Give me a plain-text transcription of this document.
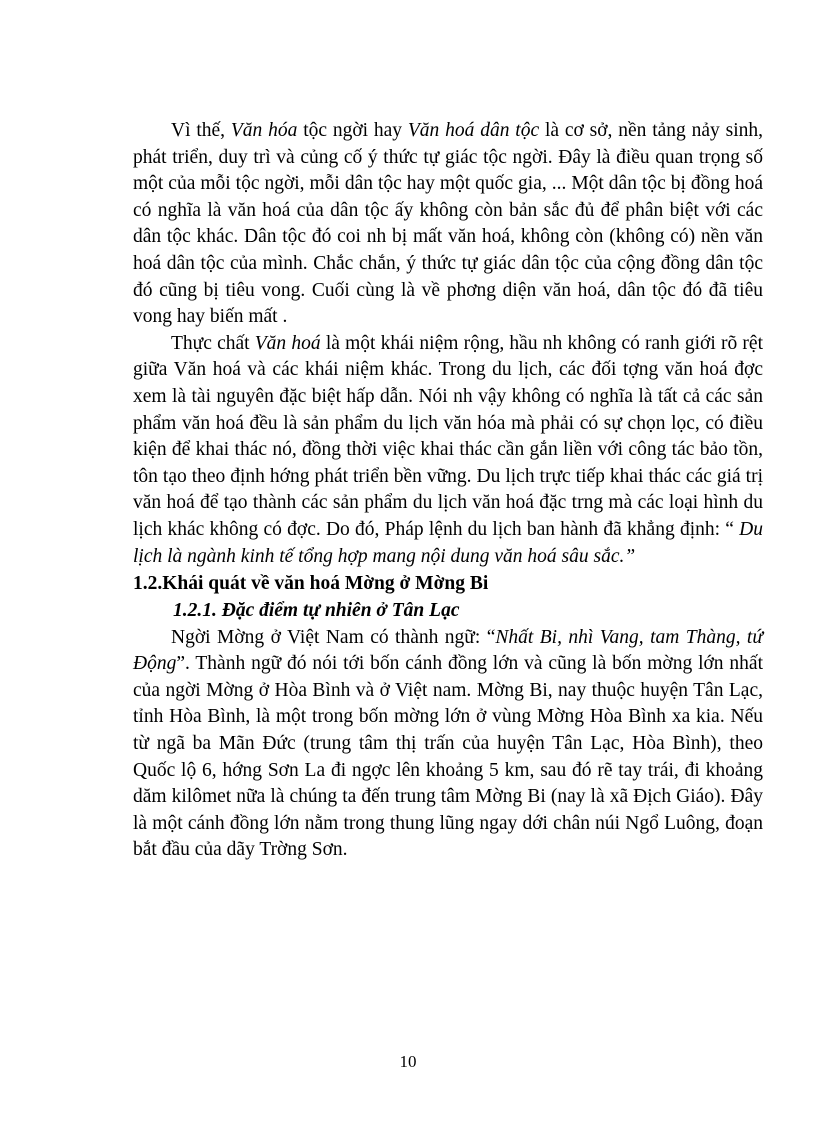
Vì thế, Văn hóa tộc ngời hay Văn hoá dân tộc là cơ sở, nền tảng nảy sinh, phát triển, duy trì và củng cố ý thức tự giác tộc ngời. Đây là điều quan trọng số một của mỗi tộc ngời, mỗi dân tộc hay một quốc gia, ... Một dân tộc bị đồng hoá có nghĩa là văn hoá của dân tộc ấy không còn bản sắc đủ để phân biệt với các dân tộc khác. Dân tộc đó coi nh bị mất văn hoá, không còn (không có) nền văn hoá dân tộc của mình. Chắc chắn, ý thức tự giác dân tộc của cộng đồng dân tộc đó cũng bị tiêu vong. Cuối cùng là về phơng diện văn hoá, dân tộc đó đã tiêu vong hay biến mất .

Thực chất Văn hoá là một khái niệm rộng, hầu nh không có ranh giới rõ rệt giữa Văn hoá và các khái niệm khác. Trong du lịch, các đối tợng văn hoá đợc xem là tài nguyên đặc biệt hấp dẫn. Nói nh vậy không có nghĩa là tất cả các sản phẩm văn hoá đều là sản phẩm du lịch văn hóa mà phải có sự chọn lọc, có điều kiện để khai thác nó, đồng thời việc khai thác cần gắn liền với công tác bảo tồn, tôn tạo theo định hớng phát triển bền vững. Du lịch trực tiếp khai thác các giá trị văn hoá để tạo thành các sản phẩm du lịch văn hoá đặc trng mà các loại hình du lịch khác không có đợc. Do đó, Pháp lệnh du lịch ban hành đã khẳng định: “ Du lịch là ngành kinh tế tổng hợp mang nội dung văn hoá sâu sắc.”

1.2.Khái quát về văn hoá Mờng ở Mờng Bi
1.2.1. Đặc điểm tự nhiên ở Tân Lạc

Ngời Mờng ở Việt Nam có thành ngữ: “Nhất Bi, nhì Vang, tam Thàng, tứ Động”. Thành ngữ đó nói tới bốn cánh đồng lớn và cũng là bốn mờng lớn nhất của ngời Mờng ở Hòa Bình và ở Việt nam. Mờng Bi, nay thuộc huyện Tân Lạc, tỉnh Hòa Bình, là một trong bốn mờng lớn ở vùng Mờng Hòa Bình xa kia. Nếu từ ngã ba Mãn Đức (trung tâm thị trấn của huyện Tân Lạc, Hòa Bình), theo Quốc lộ 6, hớng Sơn La đi ngợc lên khoảng 5 km, sau đó rẽ tay trái, đi khoảng dăm kilômet nữa là chúng ta đến trung tâm Mờng Bi (nay là xã Địch Giáo). Đây là một cánh đồng lớn nằm trong thung lũng ngay dới chân núi Ngổ Luông, đoạn bắt đầu của dãy Trờng Sơn.

10
